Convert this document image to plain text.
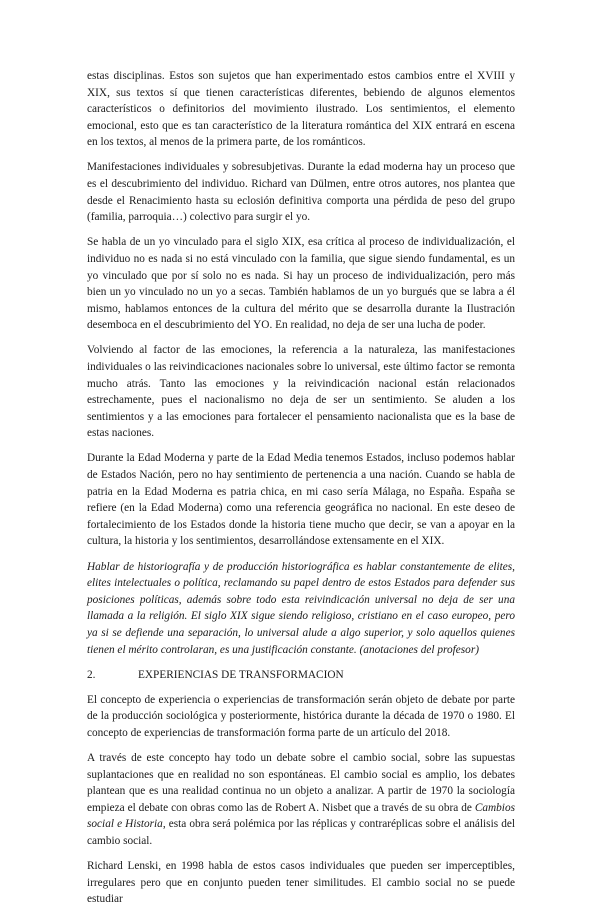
estas disciplinas. Estos son sujetos que han experimentado estos cambios entre el XVIII y XIX, sus textos sí que tienen características diferentes, bebiendo de algunos elementos característicos o definitorios del movimiento ilustrado. Los sentimientos, el elemento emocional, esto que es tan característico de la literatura romántica del XIX entrará en escena en los textos, al menos de la primera parte, de los románticos.

Manifestaciones individuales y sobresubjetivas. Durante la edad moderna hay un proceso que es el descubrimiento del individuo. Richard van Dülmen, entre otros autores, nos plantea que desde el Renacimiento hasta su eclosión definitiva comporta una pérdida de peso del grupo (familia, parroquia…) colectivo para surgir el yo.

Se habla de un yo vinculado para el siglo XIX, esa crítica al proceso de individualización, el individuo no es nada si no está vinculado con la familia, que sigue siendo fundamental, es un yo vinculado que por sí solo no es nada. Si hay un proceso de individualización, pero más bien un yo vinculado no un yo a secas. También hablamos de un yo burgués que se labra a él mismo, hablamos entonces de la cultura del mérito que se desarrolla durante la Ilustración desemboca en el descubrimiento del YO. En realidad, no deja de ser una lucha de poder.

Volviendo al factor de las emociones, la referencia a la naturaleza, las manifestaciones individuales o las reivindicaciones nacionales sobre lo universal, este último factor se remonta mucho atrás. Tanto las emociones y la reivindicación nacional están relacionados estrechamente, pues el nacionalismo no deja de ser un sentimiento. Se aluden a los sentimientos y a las emociones para fortalecer el pensamiento nacionalista que es la base de estas naciones.

Durante la Edad Moderna y parte de la Edad Media tenemos Estados, incluso podemos hablar de Estados Nación, pero no hay sentimiento de pertenencia a una nación. Cuando se habla de patria en la Edad Moderna es patria chica, en mi caso sería Málaga, no España. España se refiere (en la Edad Moderna) como una referencia geográfica no nacional. En este deseo de fortalecimiento de los Estados donde la historia tiene mucho que decir, se van a apoyar en la cultura, la historia y los sentimientos, desarrollándose extensamente en el XIX.

Hablar de historiografía y de producción historiográfica es hablar constantemente de elites, elites intelectuales o política, reclamando su papel dentro de estos Estados para defender sus posiciones políticas, además sobre todo esta reivindicación universal no deja de ser una llamada a la religión. El siglo XIX sigue siendo religioso, cristiano en el caso europeo, pero ya si se defiende una separación, lo universal alude a algo superior, y solo aquellos quienes tienen el mérito controlaran, es una justificación constante. (anotaciones del profesor)

2.	EXPERIENCIAS DE TRANSFORMACION

El concepto de experiencia o experiencias de transformación serán objeto de debate por parte de la producción sociológica y posteriormente, histórica durante la década de 1970 o 1980. El concepto de experiencias de transformación forma parte de un artículo del 2018.

A través de este concepto hay todo un debate sobre el cambio social, sobre las supuestas suplantaciones que en realidad no son espontáneas. El cambio social es amplio, los debates plantean que es una realidad continua no un objeto a analizar. A partir de 1970 la sociología empieza el debate con obras como las de Robert A. Nisbet que a través de su obra de Cambios social e Historia, esta obra será polémica por las réplicas y contraréplicas sobre el análisis del cambio social.

Richard Lenski, en 1998 habla de estos casos individuales que pueden ser imperceptibles, irregulares pero que en conjunto pueden tener similitudes. El cambio social no se puede estudiar
